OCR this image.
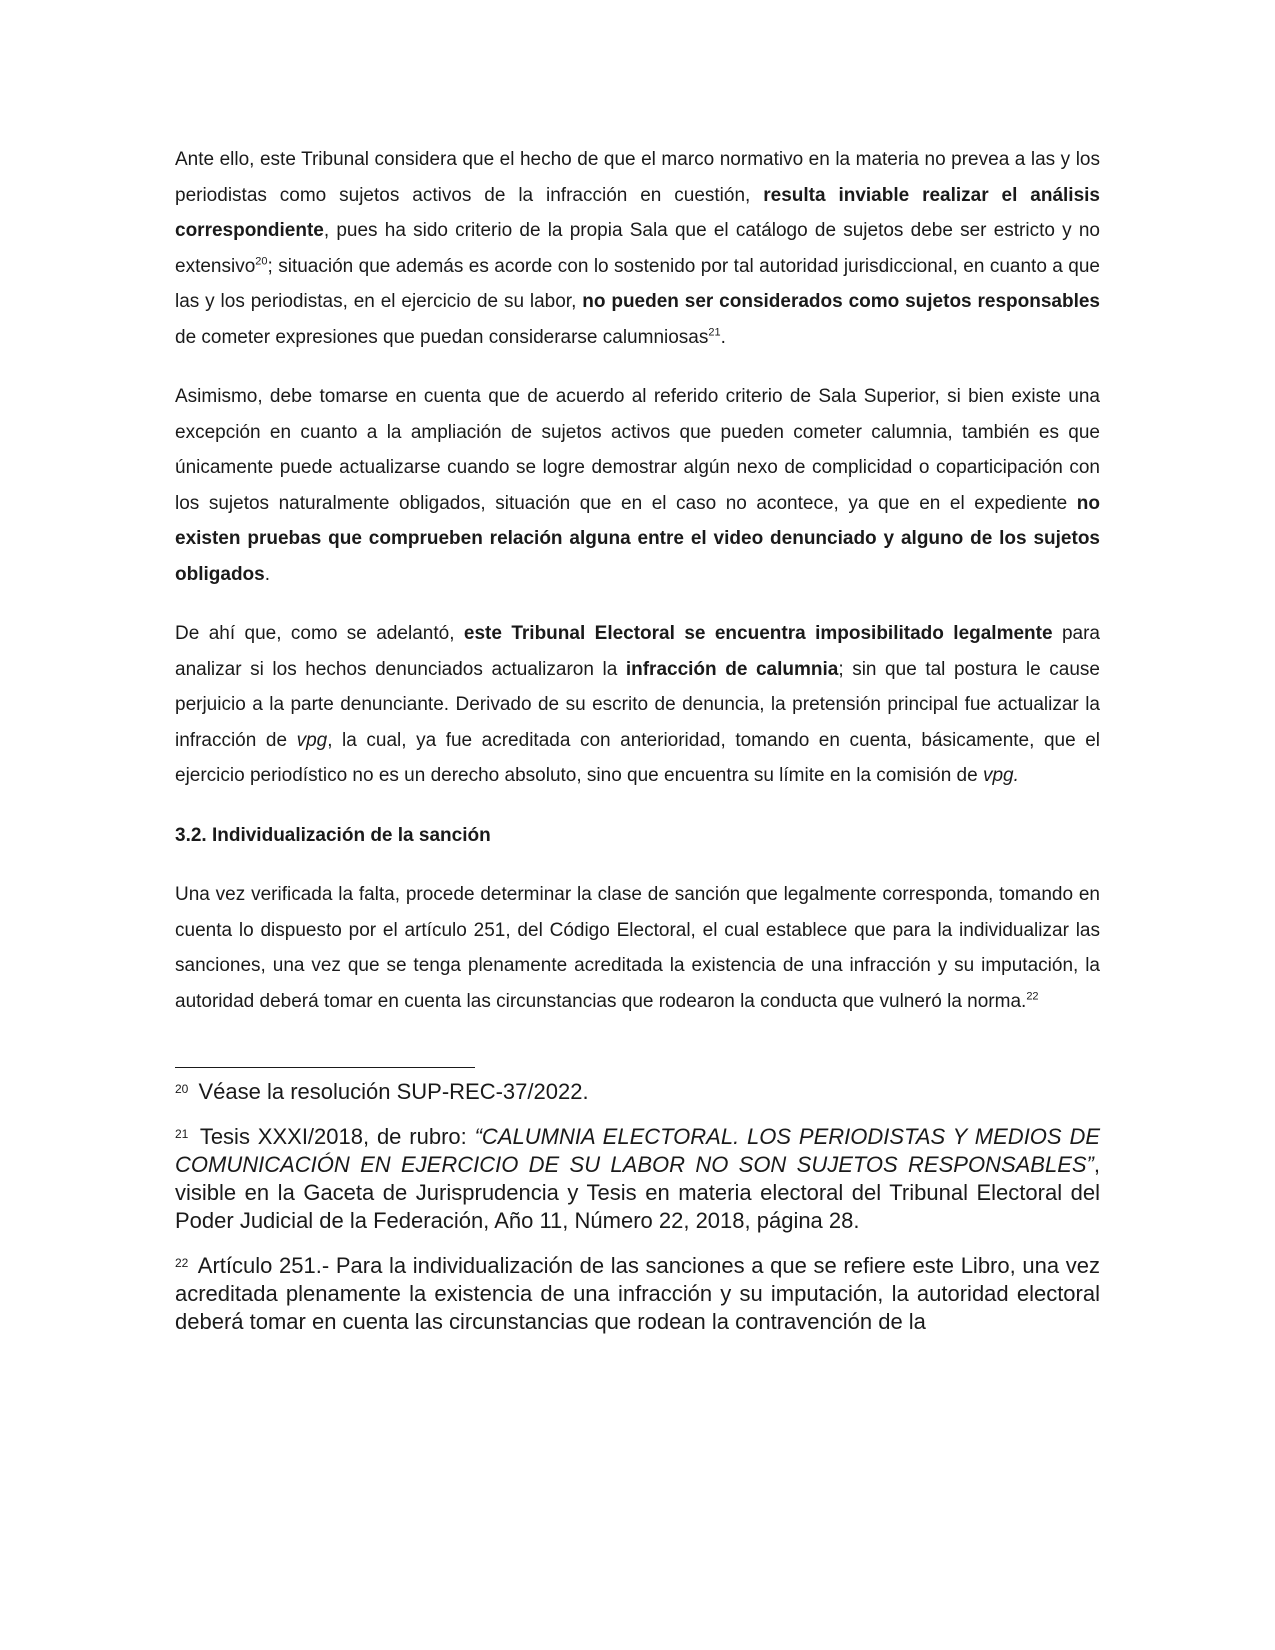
Ante ello, este Tribunal considera que el hecho de que el marco normativo en la materia no prevea a las y los periodistas como sujetos activos de la infracción en cuestión, resulta inviable realizar el análisis correspondiente, pues ha sido criterio de la propia Sala que el catálogo de sujetos debe ser estricto y no extensivo$^{20}$; situación que además es acorde con lo sostenido por tal autoridad jurisdiccional, en cuanto a que las y los periodistas, en el ejercicio de su labor, no pueden ser considerados como sujetos responsables de cometer expresiones que puedan considerarse calumniosas$^{21}$.

Asimismo, debe tomarse en cuenta que de acuerdo al referido criterio de Sala Superior, si bien existe una excepción en cuanto a la ampliación de sujetos activos que pueden cometer calumnia, también es que únicamente puede actualizarse cuando se logre demostrar algún nexo de complicidad o coparticipación con los sujetos naturalmente obligados, situación que en el caso no acontece, ya que en el expediente no existen pruebas que comprueben relación alguna entre el video denunciado y alguno de los sujetos obligados.

De ahí que, como se adelantó, este Tribunal Electoral se encuentra imposibilitado legalmente para analizar si los hechos denunciados actualizaron la infracción de calumnia; sin que tal postura le cause perjuicio a la parte denunciante. Derivado de su escrito de denuncia, la pretensión principal fue actualizar la infracción de vpg, la cual, ya fue acreditada con anterioridad, tomando en cuenta, básicamente, que el ejercicio periodístico no es un derecho absoluto, sino que encuentra su límite en la comisión de vpg.

3.2. Individualización de la sanción

Una vez verificada la falta, procede determinar la clase de sanción que legalmente corresponda, tomando en cuenta lo dispuesto por el artículo 251, del Código Electoral, el cual establece que para la individualizar las sanciones, una vez que se tenga plenamente acreditada la existencia de una infracción y su imputación, la autoridad deberá tomar en cuenta las circunstancias que rodearon la conducta que vulneró la norma.$^{22}$

$^{20}$ Véase la resolución SUP-REC-37/2022.

$^{21}$ Tesis XXXI/2018, de rubro: “CALUMNIA ELECTORAL. LOS PERIODISTAS Y MEDIOS DE COMUNICACIÓN EN EJERCICIO DE SU LABOR NO SON SUJETOS RESPONSABLES”, visible en la Gaceta de Jurisprudencia y Tesis en materia electoral del Tribunal Electoral del Poder Judicial de la Federación, Año 11, Número 22, 2018, página 28.

$^{22}$ Artículo 251.- Para la individualización de las sanciones a que se refiere este Libro, una vez acreditada plenamente la existencia de una infracción y su imputación, la autoridad electoral deberá tomar en cuenta las circunstancias que rodean la contravención de la
